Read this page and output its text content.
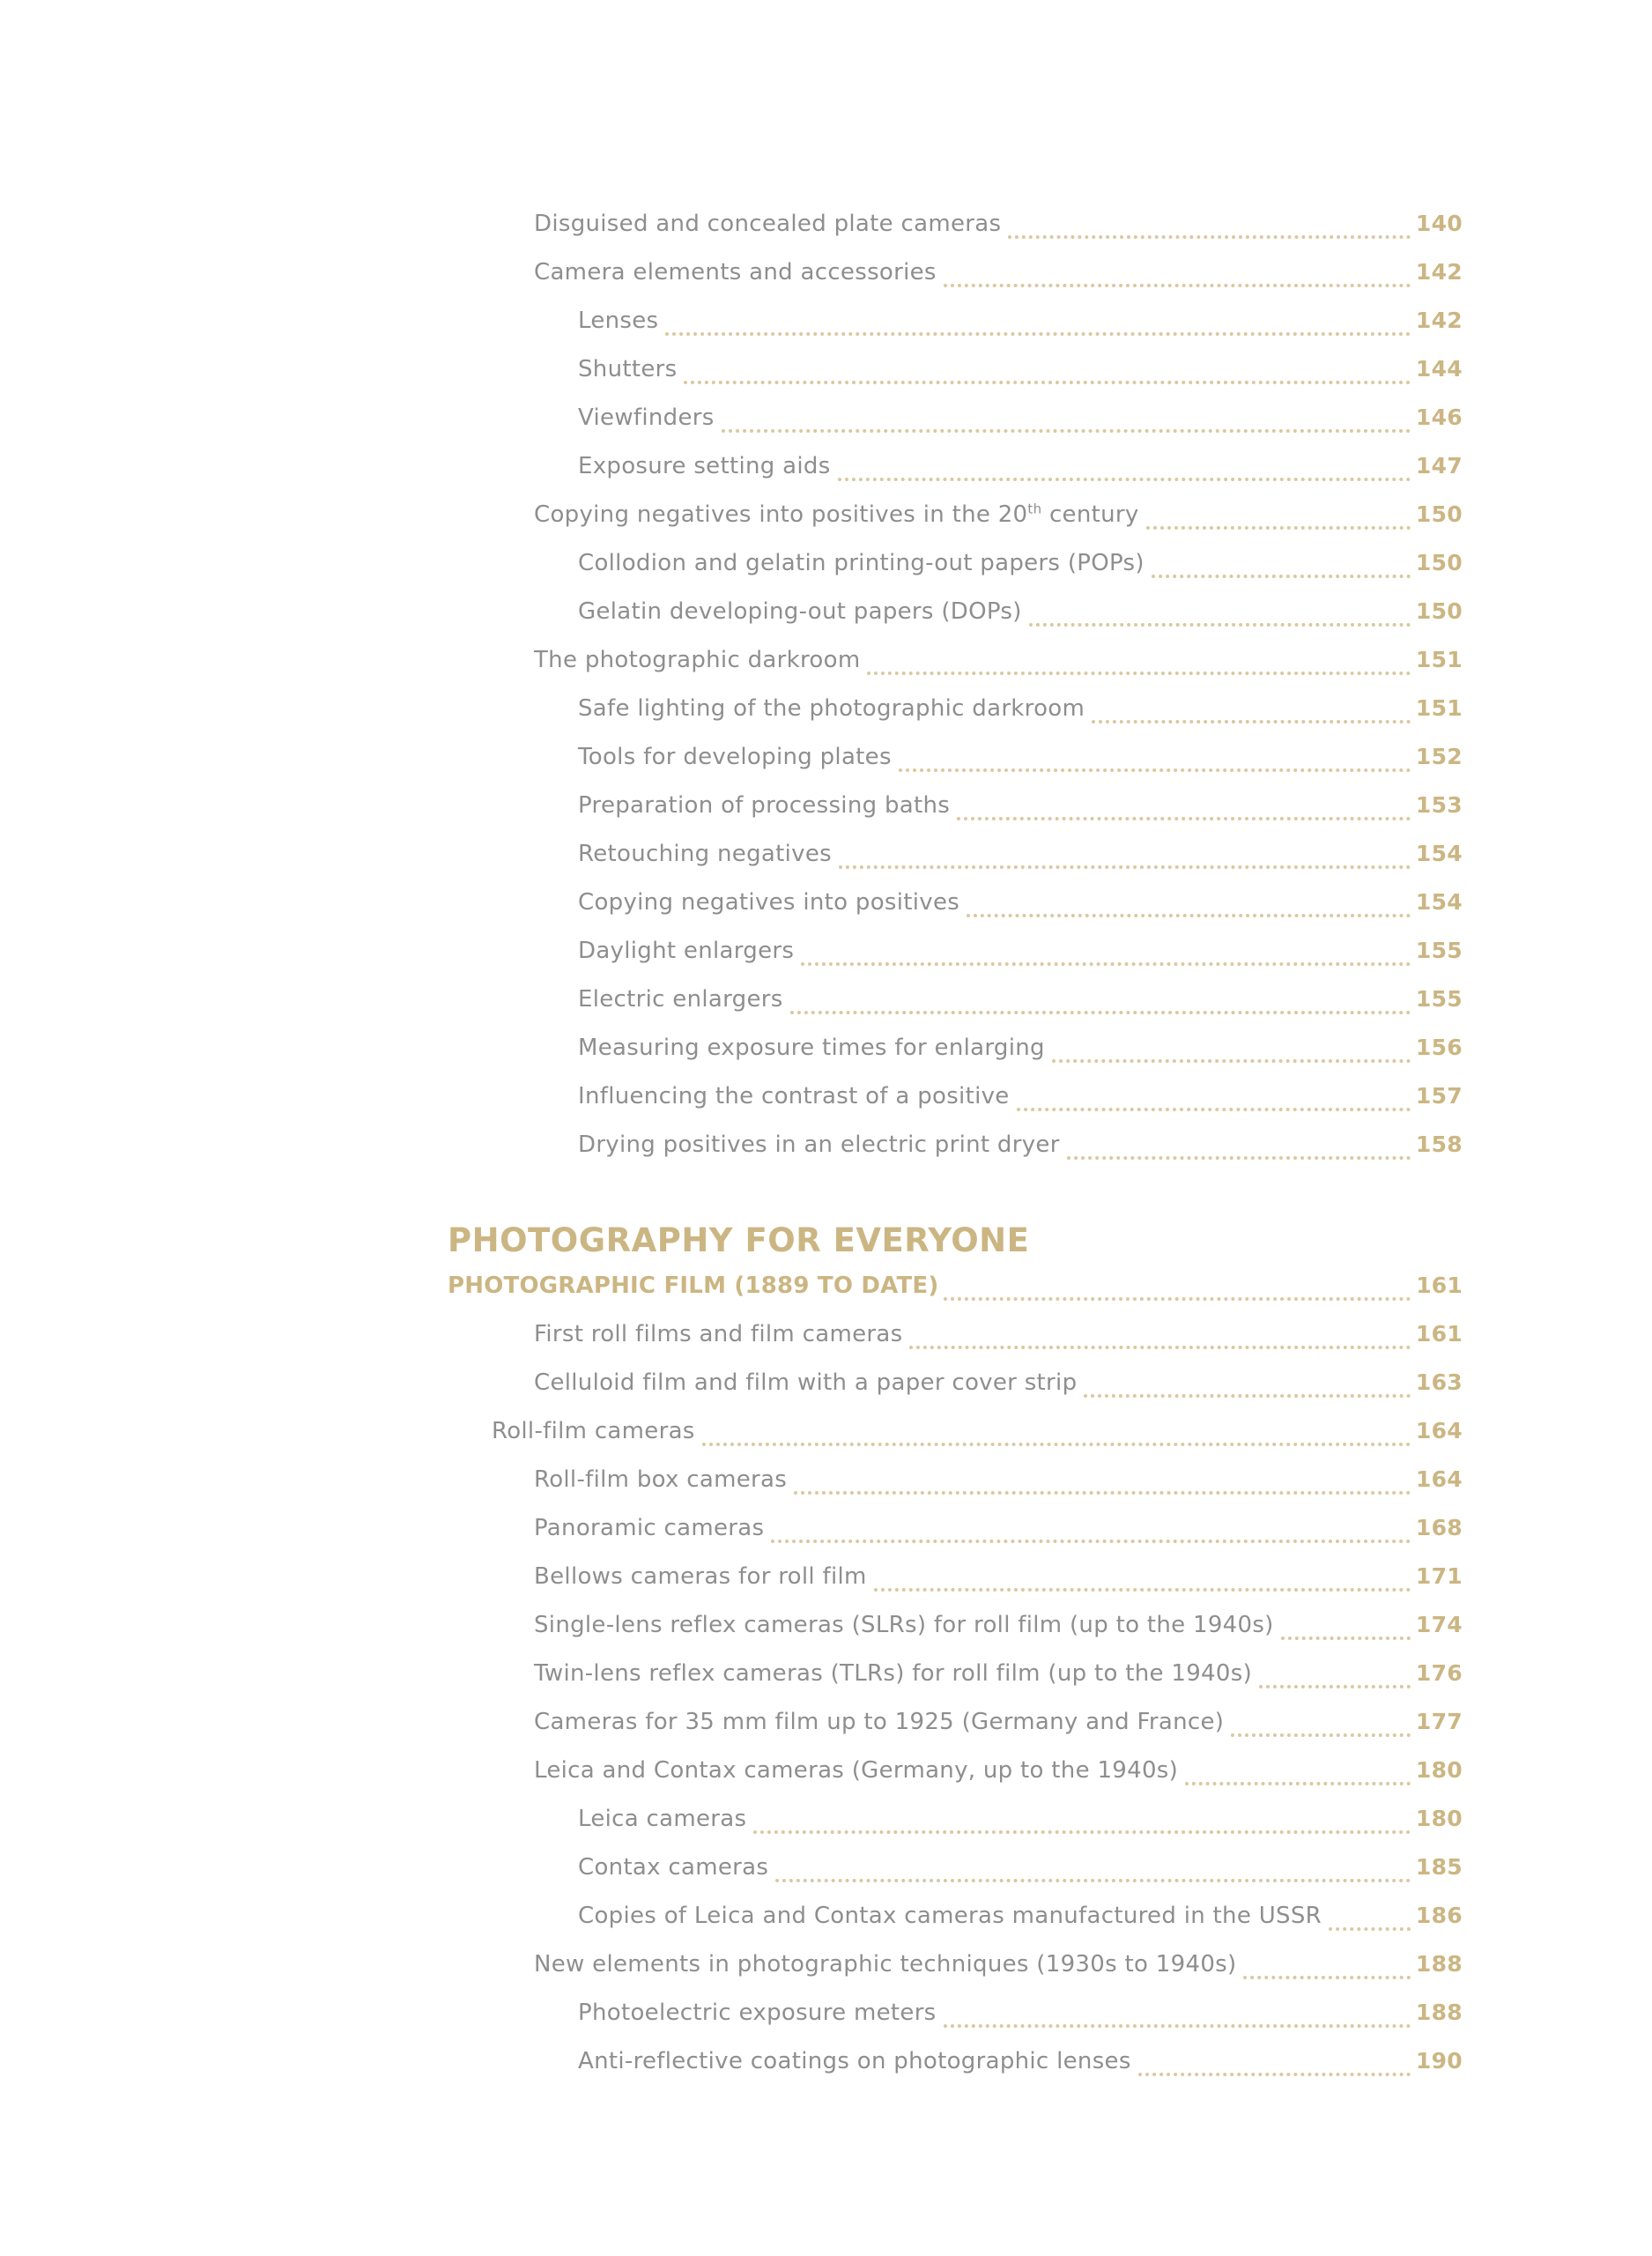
Disguised and concealed plate cameras	140
Camera elements and accessories	142
Lenses	142
Shutters	144
Viewfinders	146
Exposure setting aids	147
Copying negatives into positives in the 20th century	150
Collodion and gelatin printing-out papers (POPs)	150
Gelatin developing-out papers (DOPs)	150
The photographic darkroom	151
Safe lighting of the photographic darkroom	151
Tools for developing plates	152
Preparation of processing baths	153
Retouching negatives	154
Copying negatives into positives	154
Daylight enlargers	155
Electric enlargers	155
Measuring exposure times for enlarging	156
Influencing the contrast of a positive	157
Drying positives in an electric print dryer	158
PHOTOGRAPHY FOR EVERYONE
PHOTOGRAPHIC FILM (1889 TO DATE)	161
First roll films and film cameras	161
Celluloid film and film with a paper cover strip	163
Roll-film cameras	164
Roll-film box cameras	164
Panoramic cameras	168
Bellows cameras for roll film	171
Single-lens reflex cameras (SLRs) for roll film (up to the 1940s)	174
Twin-lens reflex cameras (TLRs) for roll film (up to the 1940s)	176
Cameras for 35 mm film up to 1925 (Germany and France)	177
Leica and Contax cameras (Germany, up to the 1940s)	180
Leica cameras	180
Contax cameras	185
Copies of Leica and Contax cameras manufactured in the USSR	186
New elements in photographic techniques (1930s to 1940s)	188
Photoelectric exposure meters	188
Anti-reflective coatings on photographic lenses	190
